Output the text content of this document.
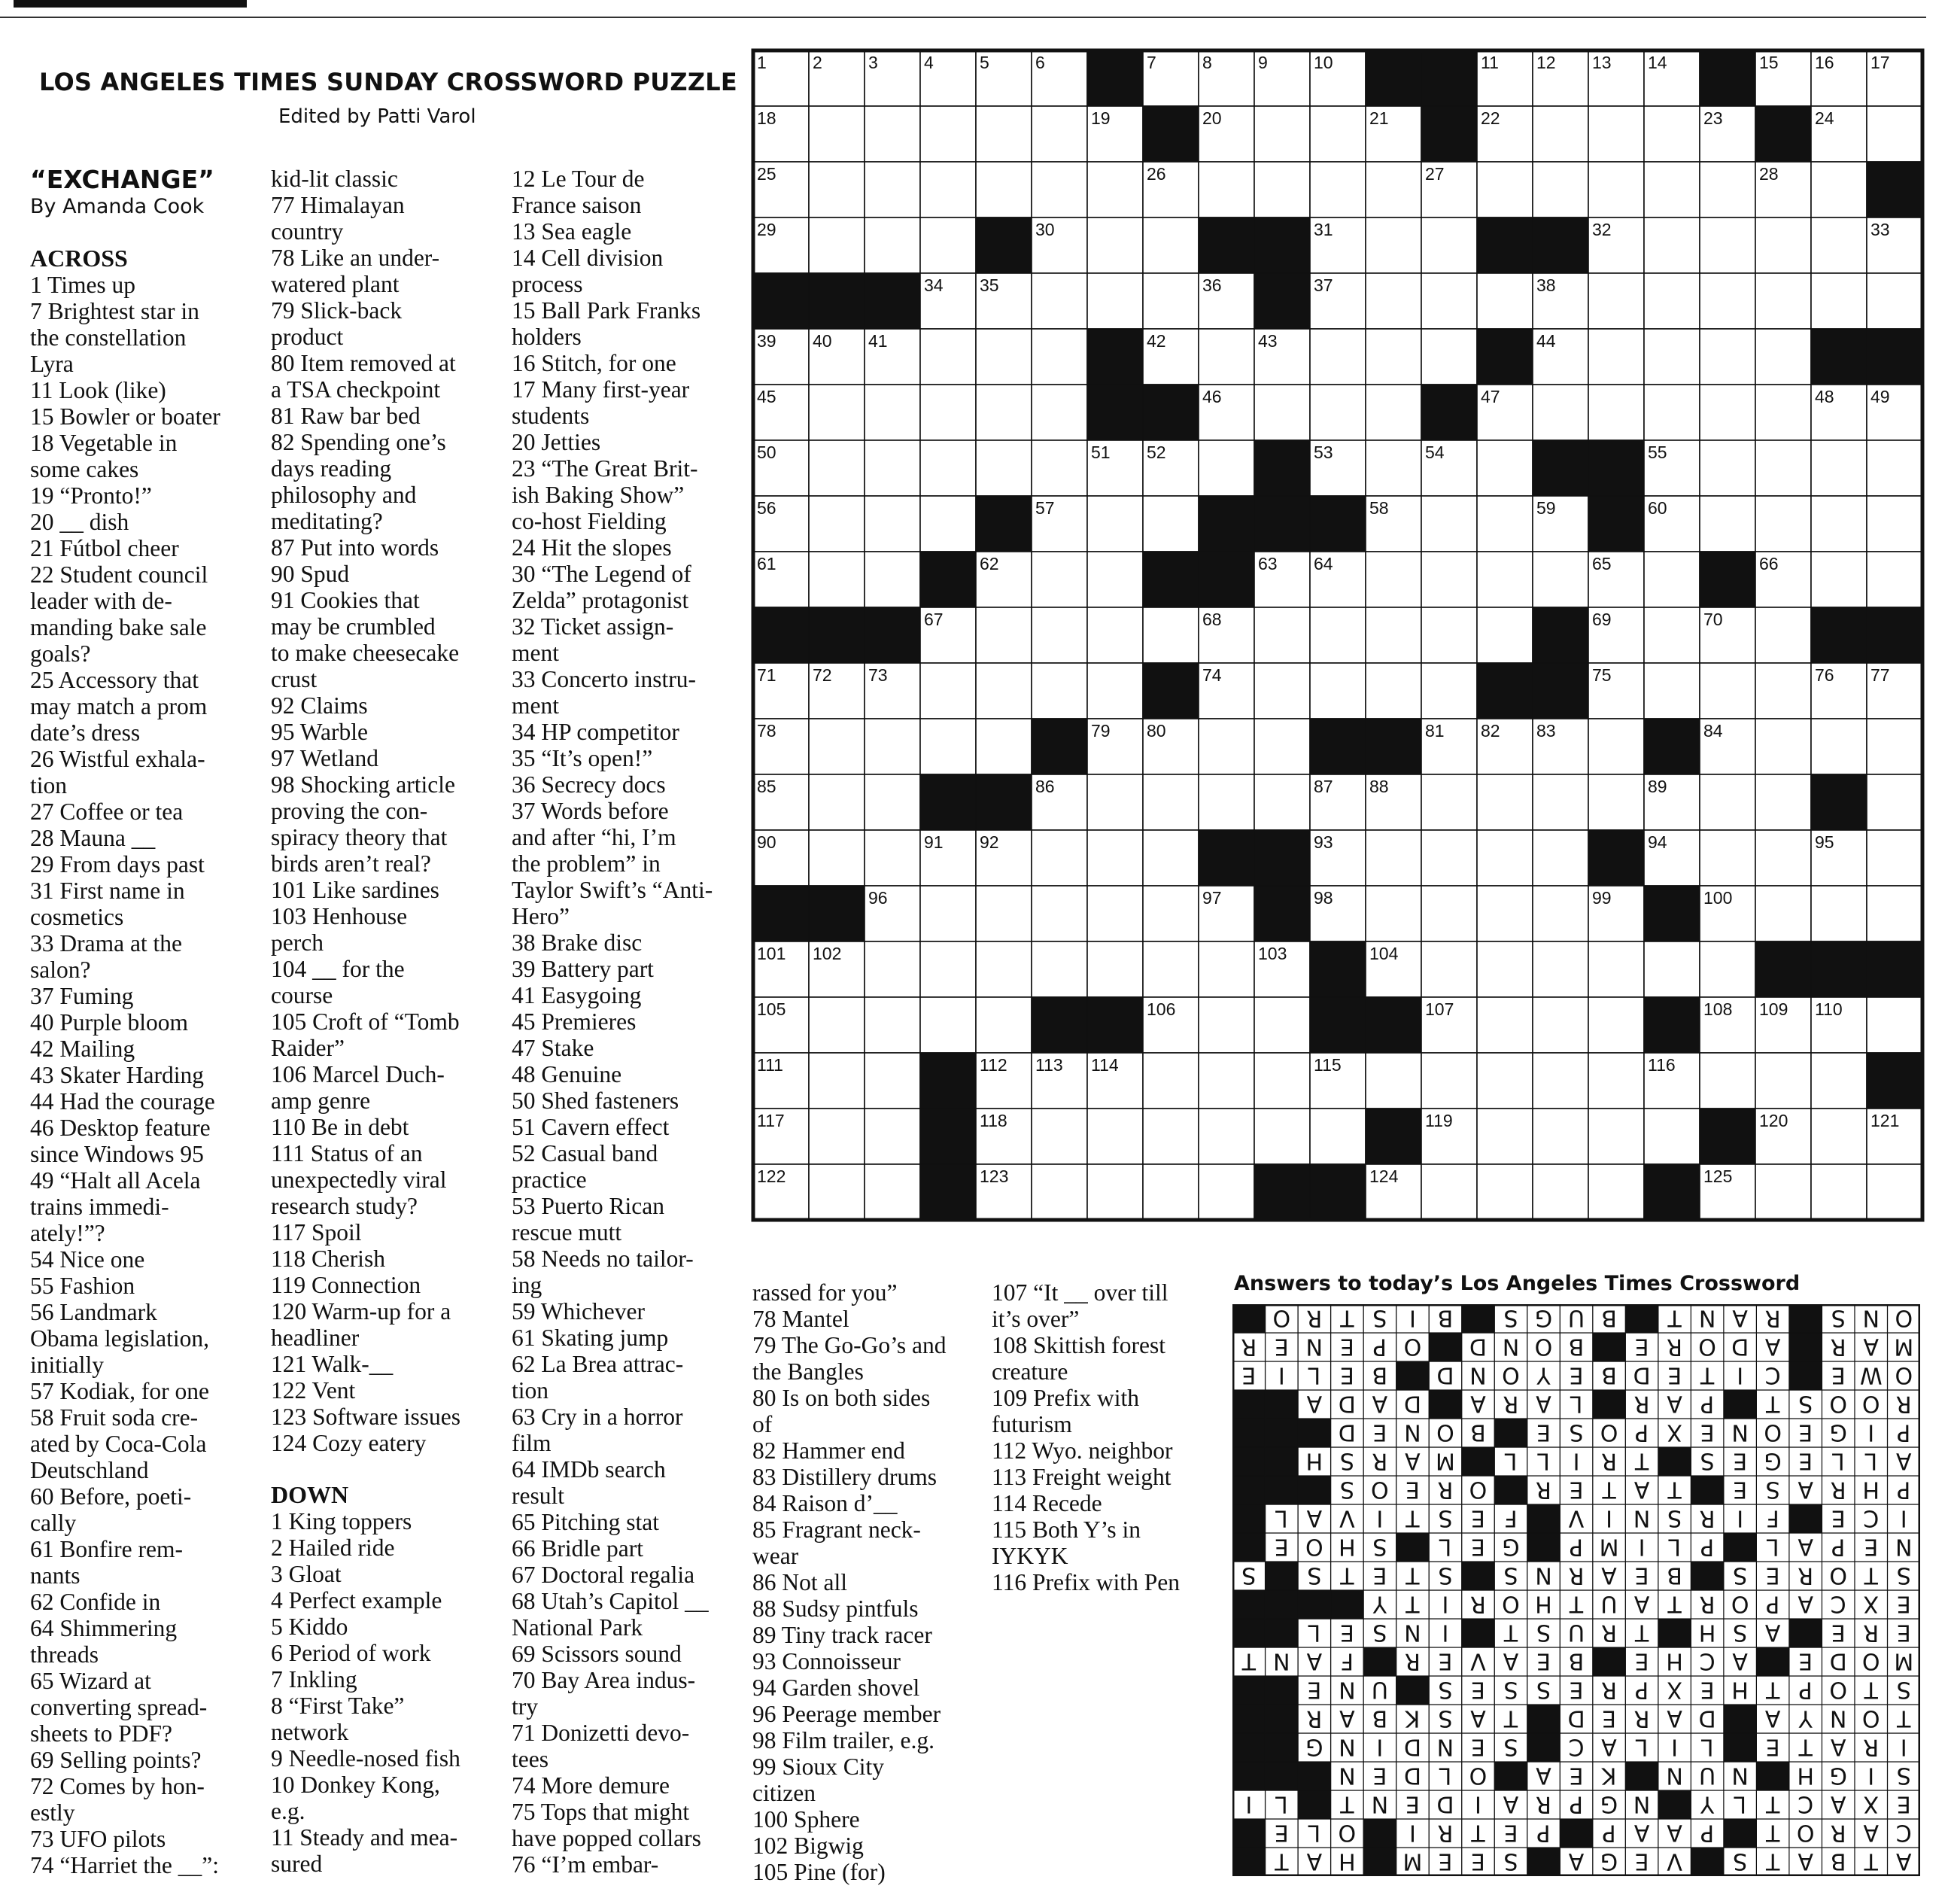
LOS ANGELES TIMES SUNDAY CROSSWORD PUZZLE

Edited by Patti Varol

“EXCHANGE”
By Amanda Cook
ACROSS
1 Times up
7 Brightest star in
the constellation
Lyra
11 Look (like)
15 Bowler or boater
18 Vegetable in
some cakes
19 “Pronto!”
20 __ dish
21 Fútbol cheer
22 Student council
leader with de-
manding bake sale
goals?
25 Accessory that
may match a prom
date’s dress
26 Wistful exhala-
tion
27 Coffee or tea
28 Mauna __
29 From days past
31 First name in
cosmetics
33 Drama at the
salon?
37 Fuming
40 Purple bloom
42 Mailing
43 Skater Harding
44 Had the courage
46 Desktop feature
since Windows 95
49 “Halt all Acela
trains immedi-
ately!”?
54 Nice one
55 Fashion
56 Landmark
Obama legislation,
initially
57 Kodiak, for one
58 Fruit soda cre-
ated by Coca-Cola
Deutschland
60 Before, poeti-
cally
61 Bonfire rem-
nants
62 Confide in
64 Shimmering
threads
65 Wizard at
converting spread-
sheets to PDF?
69 Selling points?
72 Comes by hon-
estly
73 UFO pilots
74 “Harriet the __”:
kid-lit classic
77 Himalayan
country
78 Like an under-
watered plant
79 Slick-back
product
80 Item removed at
a TSA checkpoint
81 Raw bar bed
82 Spending one’s
days reading
philosophy and
meditating?
87 Put into words
90 Spud
91 Cookies that
may be crumbled
to make cheesecake
crust
92 Claims
95 Warble
97 Wetland
98 Shocking article
proving the con-
spiracy theory that
birds aren’t real?
101 Like sardines
103 Henhouse
perch
104 __ for the
course
105 Croft of “Tomb
Raider”
106 Marcel Duch-
amp genre
110 Be in debt
111 Status of an
unexpectedly viral
research study?
117 Spoil
118 Cherish
119 Connection
120 Warm-up for a
headliner
121 Walk-__
122 Vent
123 Software issues
124 Cozy eatery
DOWN
1 King toppers
2 Hailed ride
3 Gloat
4 Perfect example
5 Kiddo
6 Period of work
7 Inkling
8 “First Take”
network
9 Needle-nosed fish
10 Donkey Kong,
e.g.
11 Steady and mea-
sured
12 Le Tour de
France saison
13 Sea eagle
14 Cell division
process
15 Ball Park Franks
holders
16 Stitch, for one
17 Many first-year
students
20 Jetties
23 “The Great Brit-
ish Baking Show”
co-host Fielding
24 Hit the slopes
30 “The Legend of
Zelda” protagonist
32 Ticket assign-
ment
33 Concerto instru-
ment
34 HP competitor
35 “It’s open!”
36 Secrecy docs
37 Words before
and after “hi, I’m
the problem” in
Taylor Swift’s “Anti-
Hero”
38 Brake disc
39 Battery part
41 Easygoing
45 Premieres
47 Stake
48 Genuine
50 Shed fasteners
51 Cavern effect
52 Casual band
practice
53 Puerto Rican
rescue mutt
58 Needs no tailor-
ing
59 Whichever
61 Skating jump
62 La Brea attrac-
tion
63 Cry in a horror
film
64 IMDb search
result
65 Pitching stat
66 Bridle part
67 Doctoral regalia
68 Utah’s Capitol __
National Park
69 Scissors sound
70 Bay Area indus-
try
71 Donizetti devo-
tees
74 More demure
75 Tops that might
have popped collars
76 “I’m embar-
rassed for you”
78 Mantel
79 The Go-Go’s and
the Bangles
80 Is on both sides
of
82 Hammer end
83 Distillery drums
84 Raison d’__
85 Fragrant neck-
wear
86 Not all
88 Sudsy pintfuls
89 Tiny track racer
93 Connoisseur
94 Garden shovel
96 Peerage member
98 Film trailer, e.g.
99 Sioux City
citizen
100 Sphere
102 Bigwig
105 Pine (for)
107 “It __ over till
it’s over”
108 Skittish forest
creature
109 Prefix with
futurism
112 Wyo. neighbor
113 Freight weight
114 Recede
115 Both Y’s in
IYKYK
116 Prefix with Pen
1	2	3	4	5	6	7	8	9	10	11 12 13 14	15 16 17
18	19	20	21	22	23	24
25	26	27	28
29	30	31	32	33
34 35	36	37	38
39 40 41	42	43	44
45	46	47	48 49
50	51 52	53	54	55
56	57	58	59	60
61	62	63 64	65	66
67	68	69	70
71 72 73	74	75	76 77
78	79 80	81 82 83	84
85	86	87 88	89
90	91 92	93	94	95
96	97	98	99	100
101 102	103	104
105	106	107	108 109 110
111	112 113 114	115	116
117	118	119	120	121
122	123	124	125
Answers to today’s Los Angeles Times Crossword
A
T
B
A
T
S
V
E
G
A
S
E
E
M
H
A
T
C
A
R
O
T
P
A
A
P
P
E
T
R
I
O
L
E
E
X
A
C
T
L
Y
N
G
P
R
A
I
D
E
N
T
L
I
S
I
G
H
N
U
N
K
E
A
O
L
D
E
N
I
R
A
T
E
L
I
L
A
C
S
E
N
D
I
N
G
T
O
N
Y
A
D
A
R
E
D
T
A
S
K
B
A
R
S
T
O
P
T
H
E
X
P
R
E
S
S
E
S
U
N
E
M
O
D
E
A
C
H
E
B
E
A
V
E
R
F
A
N
T
E
R
E
A
S
H
T
R
U
S
T
I
N
S
E
L
E
X
C
A
P
O
R
T
A
U
T
H
O
R
I
T
Y
S
T
O
R
E
S
B
E
A
R
N
S
S
T
E
T
S
S
N
E
P
A
L
P
L
I
M
P
G
E
L
S
H
O
E
I
C
E
F
I
R
S
N
I
V
F
E
S
T
I
V
A
L
P
H
R
A
S
E
T
A
T
E
R
O
R
E
O
S
A
L
L
E
G
E
S
T
R
I
L
L
M
A
R
S
H
P
I
G
E
O
N
E
X
P
O
S
E
B
O
N
E
D
R
O
O
S
T
P
A
R
L
A
R
A
D
A
D
A
O
W
E
C
I
T
E
D
B
E
Y
O
N
D
B
E
L
I
E
M
A
R
A
D
O
R
E
B
O
N
D
O
P
E
N
E
R
O
N
S
R
A
N
T
B
U
G
S
B
I
S
T
R
O
